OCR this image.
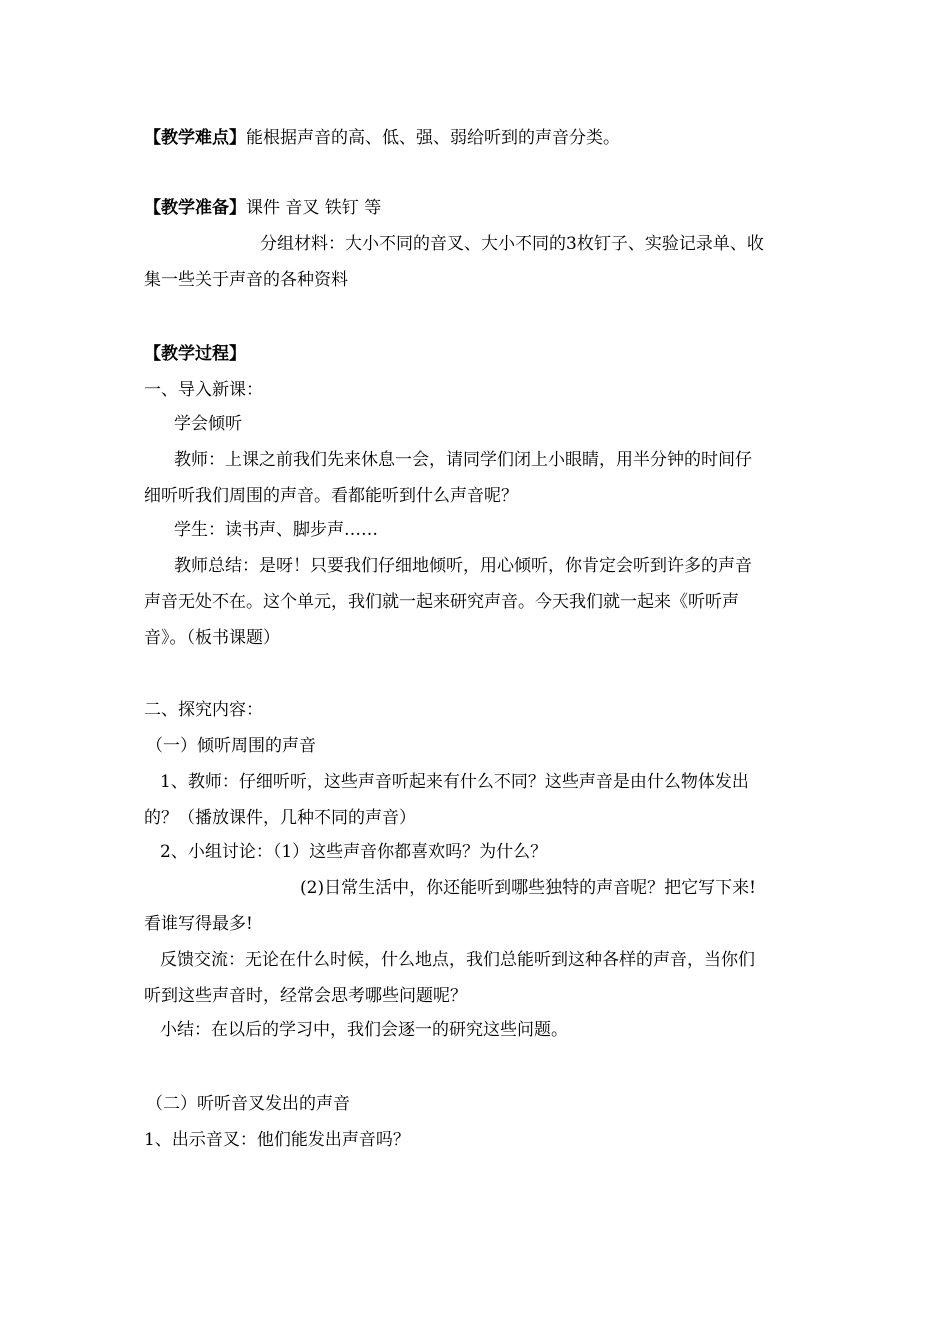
【教学难点】能根据声音的高、低、强、弱给听到的声音分类。
【教学准备】课件 音叉 铁钉 等
分组材料：大小不同的音叉、大小不同的3枚钉子、实验记录单、收
集一些关于声音的各种资料
【教学过程】
一、导入新课：
学会倾听
教师：上课之前我们先来休息一会，请同学们闭上小眼睛，用半分钟的时间仔
细听听我们周围的声音。看都能听到什么声音呢？
学生：读书声、脚步声……
教师总结：是呀！只要我们仔细地倾听，用心倾听，你肯定会听到许多的声音
声音无处不在。这个单元，我们就一起来研究声音。今天我们就一起来《听听声
音》。（板书课题）
二、探究内容：
（一）倾听周围的声音
1、教师：仔细听听，这些声音听起来有什么不同？这些声音是由什么物体发出
的？（播放课件，几种不同的声音）
2、小组讨论：（1）这些声音你都喜欢吗？为什么？
(2)日常生活中，你还能听到哪些独特的声音呢？把它写下来!
看谁写得最多!
反馈交流：无论在什么时候，什么地点，我们总能听到这种各样的声音，当你们
听到这些声音时，经常会思考哪些问题呢？
小结：在以后的学习中，我们会逐一的研究这些问题。
（二）听听音叉发出的声音
1、出示音叉：他们能发出声音吗？
